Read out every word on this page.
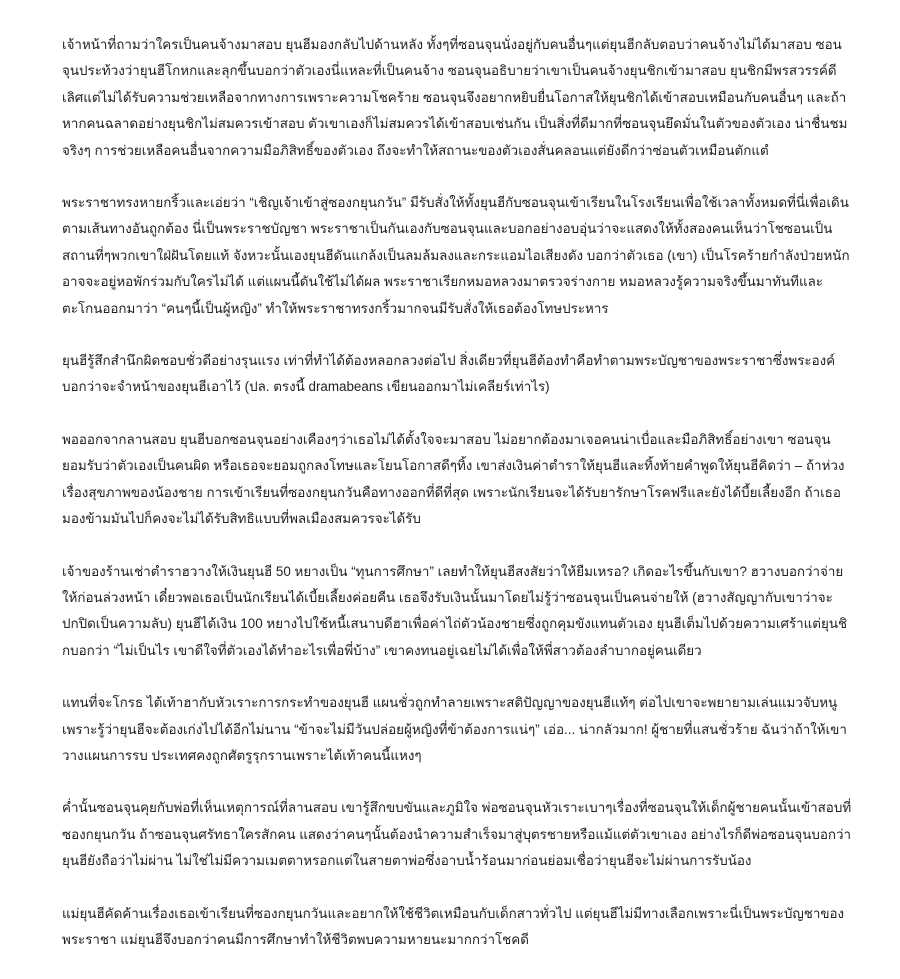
เจ้าหน้าที่ถามว่าใครเป็นคนจ้างมาสอบ ยุนฮีมองกลับไปด้านหลัง ทั้งๆที่ซอนจุนนั่งอยู่กับคนอื่นๆแต่ยุนฮีกลับตอบว่าคนจ้างไม่ได้มาสอบ ซอนจุนประท้วงว่ายุนฮีโกหกและลุกขึ้นบอกว่าตัวเองนี่แหละที่เป็นคนจ้าง ซอนจุนอธิบายว่าเขาเป็นคนจ้างยุนชิกเข้ามาสอบ ยุนชิกมีพรสวรรค์ดีเลิศแต่ไม่ได้รับความช่วยเหลือจากทางการเพราะความโชคร้าย ซอนจุนจึงอยากหยิบยื่นโอกาสให้ยุนชิกได้เข้าสอบเหมือนกับคนอื่นๆ และถ้าหากคนฉลาดอย่างยุนชิกไม่สมควรเข้าสอบ ตัวเขาเองก็ไม่สมควรได้เข้าสอบเช่นกัน เป็นสิ่งที่ดีมากที่ซอนจุนยึดมั่นในตัวของตัวเอง น่าชื่นชมจริงๆ การช่วยเหลือคนอื่นจากความมือภิสิทธิ์ของตัวเอง ถึงจะทำให้สถานะของตัวเองสั่นคลอนแต่ยังดีกว่าซ่อนตัวเหมือนตักแตํ

พระราชาทรงหายกริ้วและเอ่ยว่า “เชิญเจ้าเข้าสู่ซองกยุนกวัน” มีรับสั่งให้ทั้งยุนฮีกับซอนจุนเข้าเรียนในโรงเรียนเพื่อใช้เวลาทั้งหมดที่นี่เพื่อเดินตามเส้นทางอันถูกต้อง นี่เป็นพระราชบัญชา พระราชาเป็นกันเองกับซอนจุนและบอกอย่างอบอุ่นว่าจะแสดงให้ทั้งสองคนเห็นว่าโชซอนเป็นสถานที่ๆพวกเขาใฝ่ฝันโดยแท้ จังหวะนั้นเองยุนฮีดันแกล้งเป็นลมล้มลงและกระแอมไอเสียงดัง บอกว่าตัวเธอ (เขา) เป็นโรคร้ายกำลังป่วยหนัก อาจจะอยู่หอพักร่วมกับใครไม่ได้ แต่แผนนี้ดันใช้ไม่ได้ผล พระราชาเรียกหมอหลวงมาตรวจร่างกาย หมอหลวงรู้ความจริงขึ้นมาทันทีและตะโกนออกมาว่า “คนๆนี้เป็นผู้หญิง” ทำให้พระราชาทรงกริ้วมากจนมีรับสั่งให้เธอต้องโทษประหาร

ยุนฮีรู้สึกสำนึกผิดชอบชั่วดีอย่างรุนแรง เท่าที่ทำได้ต้องหลอกลวงต่อไป สิ่งเดียวที่ยุนฮีต้องทำคือทำตามพระบัญชาของพระราชาซึ่งพระองค์บอกว่าจะจำหน้าของยุนฮีเอาไว้ (ปล. ตรงนี้ dramabeans เขียนออกมาไม่เคลียร์เท่าไร)

พอออกจากลานสอบ ยุนฮีบอกซอนจุนอย่างเคืองๆว่าเธอไม่ได้ตั้งใจจะมาสอบ ไม่อยากต้องมาเจอคนน่าเบื่อและมือภิสิทธิ์อย่างเขา ซอนจุนยอมรับว่าตัวเองเป็นคนผิด หรือเธอจะยอมถูกลงโทษและโยนโอกาสดีๆทิ้ง เขาส่งเงินค่าตำราให้ยุนฮีและทิ้งท้ายคำพูดให้ยุนฮีคิดว่า – ถ้าห่วงเรื่องสุขภาพของน้องชาย การเข้าเรียนที่ซองกยุนกวันคือทางออกที่ดีที่สุด เพราะนักเรียนจะได้รับยารักษาโรคฟรีและยังได้บี้ยเลี้ยงอีก ถ้าเธอมองข้ามมันไปก็คงจะไม่ได้รับสิทธิแบบที่พลเมืองสมควรจะได้รับ

เจ้าของร้านเช่าตำราฮวางให้เงินยุนฮี 50 หยางเป็น “ทุนการศึกษา” เลยทำให้ยุนฮีสงสัยว่าให้ยืมเหรอ? เกิดอะไรขึ้นกับเขา? ฮวางบอกว่าจ่ายให้ก่อนล่วงหน้า เดี๋ยวพอเธอเป็นนักเรียนได้เบี้ยเลี้ยงค่อยคืน เธอจึงรับเงินนั้นมาโดยไม่รู้ว่าซอนจุนเป็นคนจ่ายให้ (ฮวางสัญญากับเขาว่าจะปกปิดเป็นความลับ) ยุนฮีได้เงิน 100 หยางไปใช้หนี้เสนาบดีฮาเพื่อค่าไถ่ตัวน้องชายซึ่งถูกคุมขังแทนตัวเอง ยุนฮีเต็มไปด้วยความเศร้าแต่ยุนชิกบอกว่า “ไม่เป็นไร เขาดีใจที่ตัวเองได้ทำอะไรเพื่อพี่บ้าง” เขาคงทนอยู่เฉยไม่ได้เพื่อให้พี่สาวต้องลำบากอยู่คนเดียว

แทนที่จะโกรธ ไต้เท้าฮากับหัวเราะการกระทำของยุนฮี แผนชั่วถูกทำลายเพราะสติปัญญาของยุนฮีแท้ๆ ต่อไปเขาจะพยายามเล่นแมวจับหนูเพราะรู้ว่ายุนฮีจะต้องเก่งไปได้อีกไม่นาน “ข้าจะไม่มีวันปล่อยผู้หญิงที่ข้าต้องการแน่ๆ” เอ่อ... น่ากลัวมาก! ผู้ชายที่แสนชั่วร้าย ฉันว่าถ้าให้เขาวางแผนการรบ ประเทศคงถูกศัตรูรุกรานเพราะไต้เท้าคนนี้แหงๆ

ค่ำนั้นซอนจุนคุยกับพ่อที่เห็นเหตุการณ์ที่ลานสอบ เขารู้สึกขบขันและภูมิใจ พ่อซอนจุนหัวเราะเบาๆเรื่องที่ซอนจุนให้เด็กผู้ชายคนนั้นเข้าสอบที่ซองกยุนกวัน ถ้าซอนจุนศรัทธาใครสักคน แสดงว่าคนๆนั้นต้องนำความสำเร็จมาสู่บุตรชายหรือแม้แต่ตัวเขาเอง อย่างไรก็ดีพ่อซอนจุนบอกว่ายุนฮียังถือว่าไม่ผ่าน ไม่ใช่ไม่มีความเมตตาหรอกแต่ในสายตาพ่อซึ่งอาบน้ำร้อนมาก่อนย่อมเชื่อว่ายุนฮีจะไม่ผ่านการรับน้อง

แม่ยุนฮีคัดค้านเรื่องเธอเข้าเรียนที่ซองกยุนกวันและอยากให้ใช้ชีวิตเหมือนกับเด็กสาวทั่วไป แต่ยุนฮีไม่มีทางเลือกเพราะนี่เป็นพระบัญชาของพระราชา แม่ยุนฮีจึงบอกว่าคนมีการศึกษาทำให้ชีวิตพบความหายนะมากกว่าโชคดี
